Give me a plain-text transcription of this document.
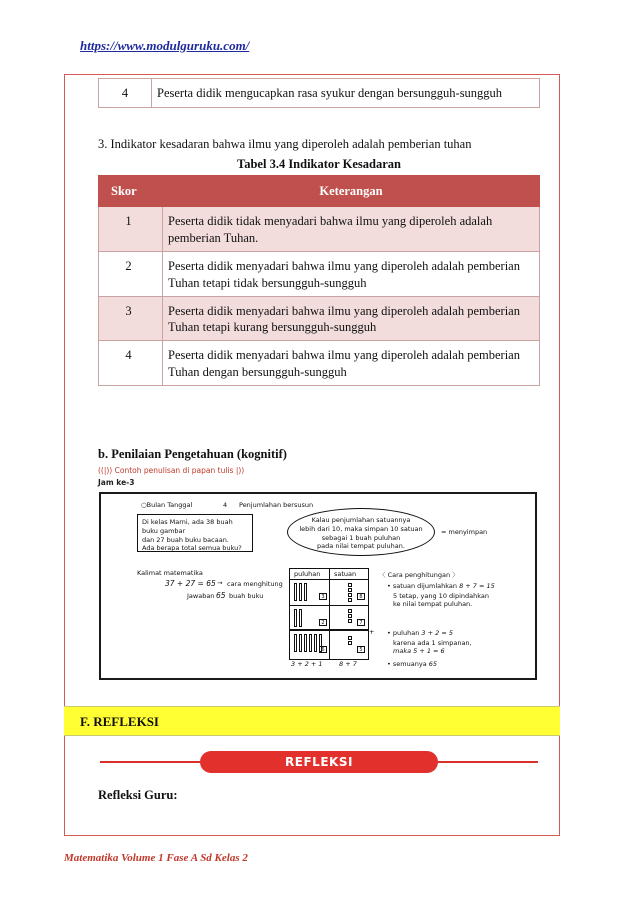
https://www.modulguruku.com/
4	Peserta didik mengucapkan rasa syukur dengan bersungguh-sungguh
3. Indikator kesadaran bahwa ilmu yang diperoleh adalah pemberian tuhan
Tabel 3.4 Indikator Kesadaran
Skor	Keterangan
1	Peserta didik tidak menyadari bahwa ilmu yang diperoleh adalah pemberian Tuhan.
2	Peserta didik menyadari bahwa ilmu yang diperoleh adalah pemberian Tuhan tetapi tidak bersungguh-sungguh
3	Peserta didik menyadari bahwa ilmu yang diperoleh adalah pemberian Tuhan tetapi kurang bersungguh-sungguh
4	Peserta didik menyadari bahwa ilmu yang diperoleh adalah pemberian Tuhan dengan bersungguh-sungguh
b. Penilaian Pengetahuan (kognitif)
((|)) Contoh penulisan di papan tulis |))
Jam ke-3
○Bulan Tanggal	4 Penjumlahan bersusun
Di kelas Marni, ada 38 buah buku gambar
dan 27 buah buku bacaan.
Ada berapa total semua buku?
Kalau penjumlahan satuannya
lebih dari 10, maka simpan 10 satuan
sebagai 1 buah puluhan
pada nilai tempat puluhan.
= menyimpan
Kalimat matematika
37 + 27 = 65 → cara menghitung
Jawaban 65 buah buku
puluhan satuan
3	8
2	7
6	5
+
3 + 2 + 1	8 + 7
〈 Cara penghitungan 〉
• satuan dijumlahkan 8 + 7 = 15
5 tetap, yang 10 dipindahkan
ke nilai tempat puluhan.
• puluhan 3 + 2 = 5
karena ada 1 simpanan,
maka 5 + 1 = 6
• semuanya 65
F. REFLEKSI
REFLEKSI
Refleksi Guru:
Matematika Volume 1 Fase A Sd Kelas 2
